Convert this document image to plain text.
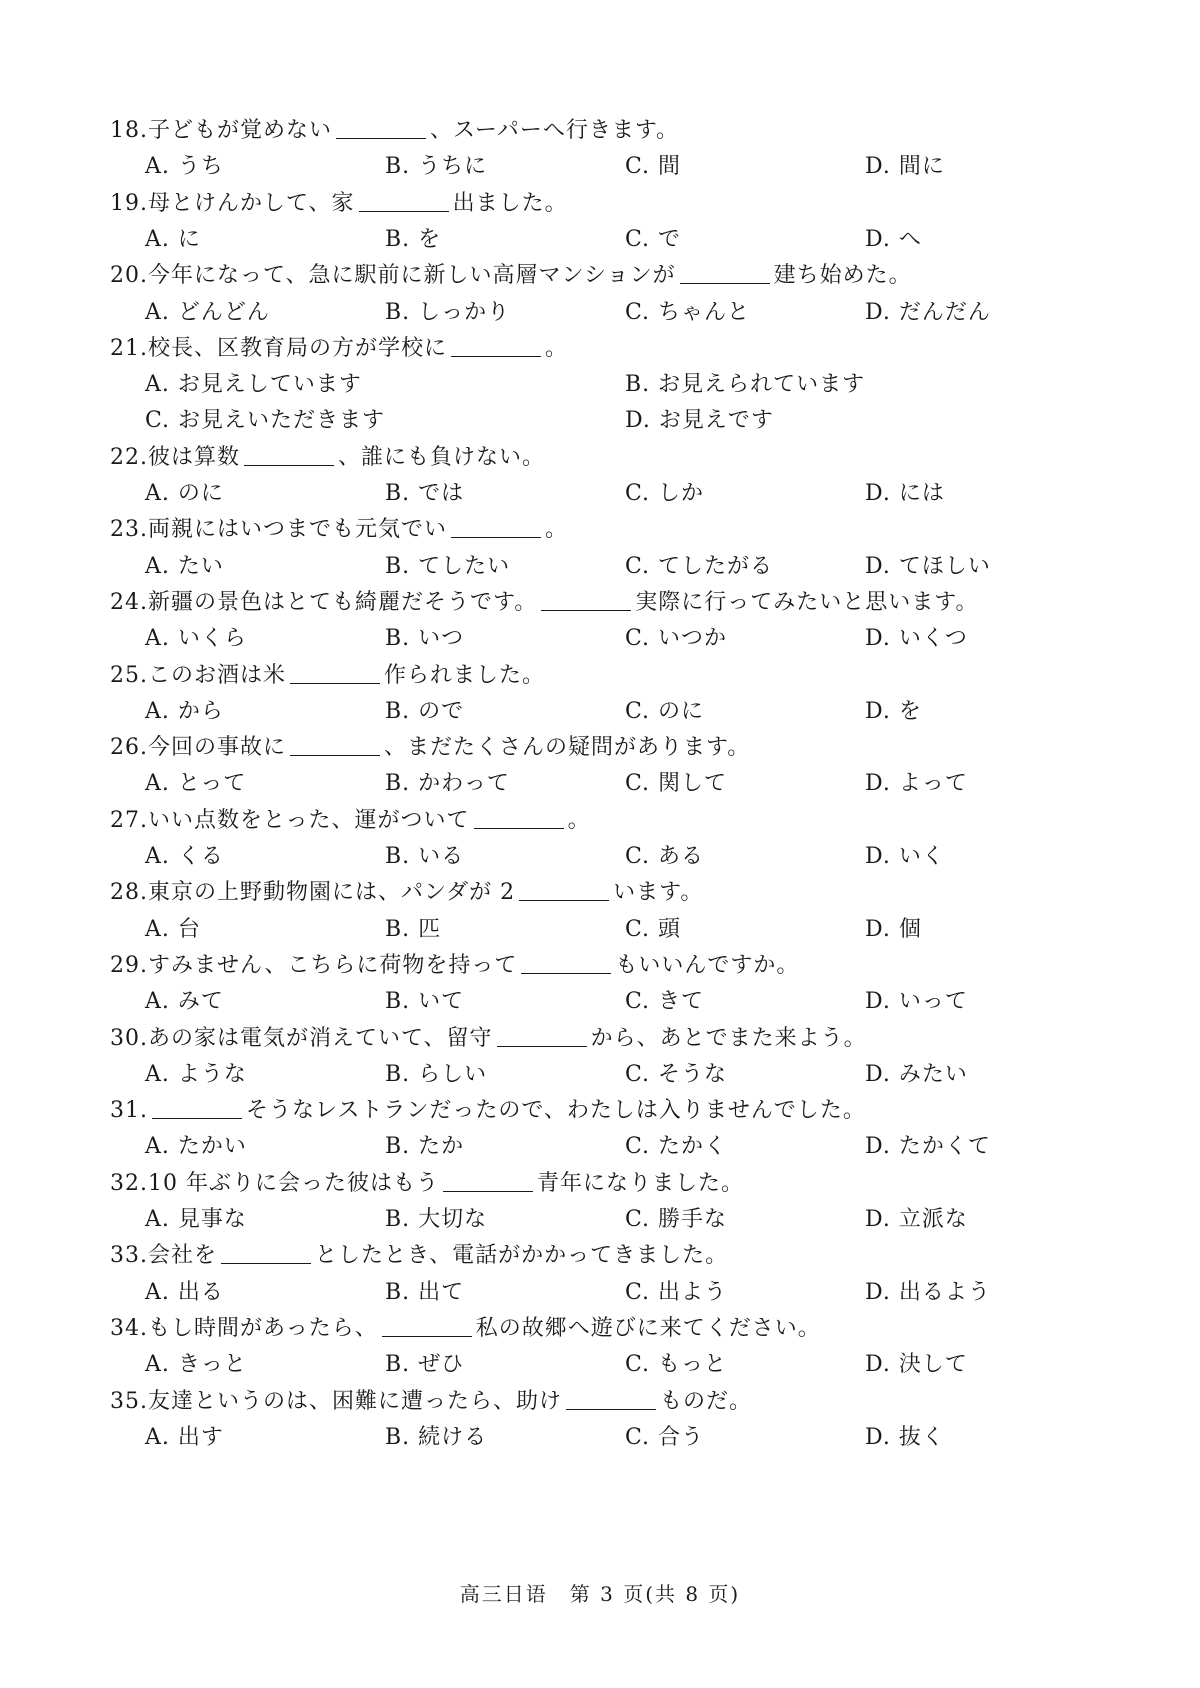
18.子どもが覚めない	、スーパーへ行きます。
A. うち	B. うちに	C. 間	D. 間に
19.母とけんかして、家	出ました。
A. に	B. を	C. で	D. へ
20.今年になって、急に駅前に新しい高層マンションが	建ち始めた。
A. どんどん	B. しっかり	C. ちゃんと	D. だんだん
21.校長、区教育局の方が学校に	。
A. お見えしています	B. お見えられています
C. お見えいただきます	D. お見えです
22.彼は算数	、誰にも負けない。
A. のに	B. では	C. しか	D. には
23.両親にはいつまでも元気でい	。
A. たい	B. てしたい	C. てしたがる	D. てほしい
24.新疆の景色はとても綺麗だそうです。	実際に行ってみたいと思います。
A. いくら	B. いつ	C. いつか	D. いくつ
25.このお酒は米	作られました。
A. から	B. ので	C. のに	D. を
26.今回の事故に	、まだたくさんの疑問があります。
A. とって	B. かわって	C. 関して	D. よって
27.いい点数をとった、運がついて	。
A. くる	B. いる	C. ある	D. いく
28.東京の上野動物園には、パンダが 2	います。
A. 台	B. 匹	C. 頭	D. 個
29.すみません、こちらに荷物を持って	もいいんですか。
A. みて	B. いて	C. きて	D. いって
30.あの家は電気が消えていて、留守	から、あとでまた来よう。
A. ような	B. らしい	C. そうな	D. みたい
31.	そうなレストランだったので、わたしは入りませんでした。
A. たかい	B. たか	C. たかく	D. たかくて
32.10 年ぶりに会った彼はもう	青年になりました。
A. 見事な	B. 大切な	C. 勝手な	D. 立派な
33.会社を	としたとき、電話がかかってきました。
A. 出る	B. 出て	C. 出よう	D. 出るよう
34.もし時間があったら、	私の故郷へ遊びに来てください。
A. きっと	B. ぜひ	C. もっと	D. 決して
35.友達というのは、困難に遭ったら、助け	ものだ。
A. 出す	B. 続ける	C. 合う	D. 抜く
高三日语　第 3 页(共 8 页)
